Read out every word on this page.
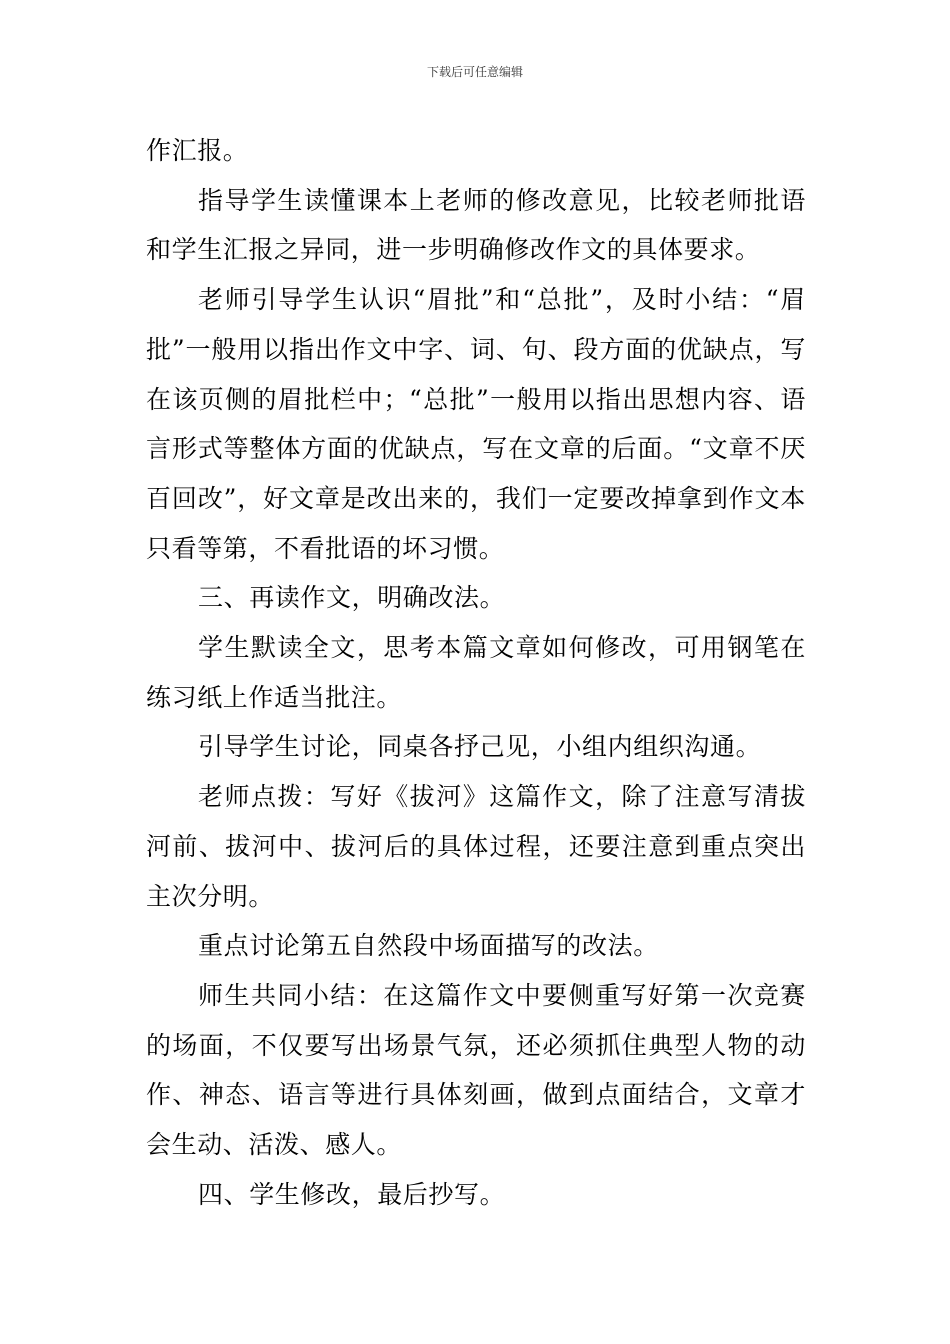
下载后可任意编辑

作汇报。

指导学生读懂课本上老师的修改意见，比较老师批语和学生汇报之异同，进一步明确修改作文的具体要求。

老师引导学生认识“眉批”和“总批”，及时小结：“眉批”一般用以指出作文中字、词、句、段方面的优缺点，写在该页侧的眉批栏中；“总批”一般用以指出思想内容、语言形式等整体方面的优缺点，写在文章的后面。“文章不厌百回改”，好文章是改出来的，我们一定要改掉拿到作文本只看等第，不看批语的坏习惯。

三、再读作文，明确改法。

学生默读全文，思考本篇文章如何修改，可用钢笔在练习纸上作适当批注。

引导学生讨论，同桌各抒己见，小组内组织沟通。

老师点拨：写好《拔河》这篇作文，除了注意写清拔河前、拔河中、拔河后的具体过程，还要注意到重点突出主次分明。

重点讨论第五自然段中场面描写的改法。

师生共同小结：在这篇作文中要侧重写好第一次竞赛的场面，不仅要写出场景气氛，还必须抓住典型人物的动作、神态、语言等进行具体刻画，做到点面结合，文章才会生动、活泼、感人。

四、学生修改，最后抄写。
